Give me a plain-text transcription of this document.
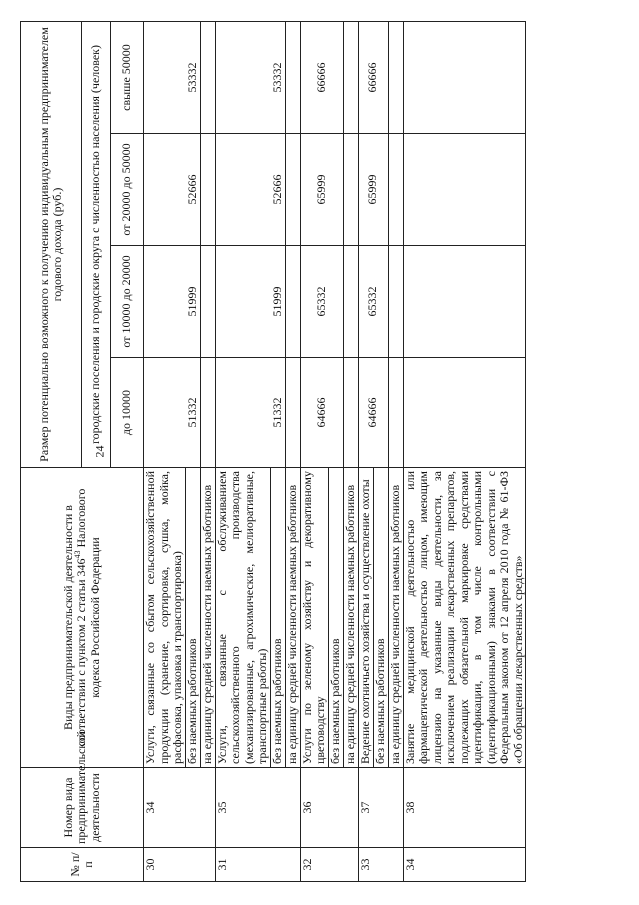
24
№ п/п	Номер вида предпринимательской деятельности	Виды предпринимательской деятельности в соответствии с пунктом 2 статьи $346^{43}$ Налогового кодекса Российской Федерации	Размер потенциально возможного к получению индивидуальным предпринимателем годового дохода (руб.)			
			городские поселения и городские округа с численностью населения (человек)			
			до 10000	от 10000 до 20000	от 20000 до 50000	свыше 50000
30	34	Услуги, связанные со сбытом сельскохозяйственной продукции (хранение, сортировка, сушка, мойка, расфасовка, упаковка и транспортировка)	51332	51999	52666	53332
		без наемных работников				
		на единицу средней численности наемных работников				
31	35	Услуги, связанные с обслуживанием сельскохозяйственного производства (механизированные, агрохимические, мелиоративные, транспортные работы)	51332	51999	52666	53332
		без наемных работников				
		на единицу средней численности наемных работников				
32	36	Услуги по зеленому хозяйству и декоративному цветоводству	64666	65332	65999	66666
		без наемных работников				
		на единицу средней численности наемных работников				
33	37	Ведение охотничьего хозяйства и осуществление охоты	64666	65332	65999	66666
		без наемных работников				
		на единицу средней численности наемных работников				
34	38	Занятие медицинской деятельностью или фармацевтической деятельностью лицом, имеющим лицензию на указанные виды деятельности, за исключением реализации лекарственных препаратов, подлежащих обязательной маркировке средствами идентификации, в том числе контрольными (идентификационными) знаками в соответствии с Федеральным законом от 12 апреля 2010 года № 61-ФЗ «Об обращении лекарственных средств»				
